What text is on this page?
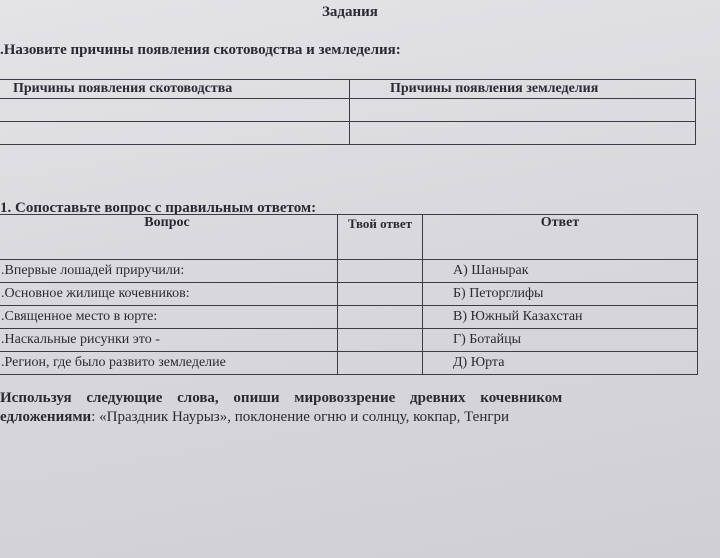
Задания
.Назовите причины появления скотоводства и земледелия:
Причины появления скотоводства	Причины появления земледелия

1. Сопоставьте вопрос с правильным ответом:
Вопрос	Твой ответ	Ответ
.Впервые лошадей приручили:		А) Шанырак
.Основное жилище кочевников:		Б) Петорглифы
.Священное место в юрте:		В) Южный Казахстан
.Наскальные рисунки это -		Г) Ботайцы
.Регион, где было развито земледелие		Д) Юрта
Используя следующие слова, опиши мировоззрение древних кочевником
едложениями: «Праздник Наурыз», поклонение огню и солнцу, кокпар, Тенгри
